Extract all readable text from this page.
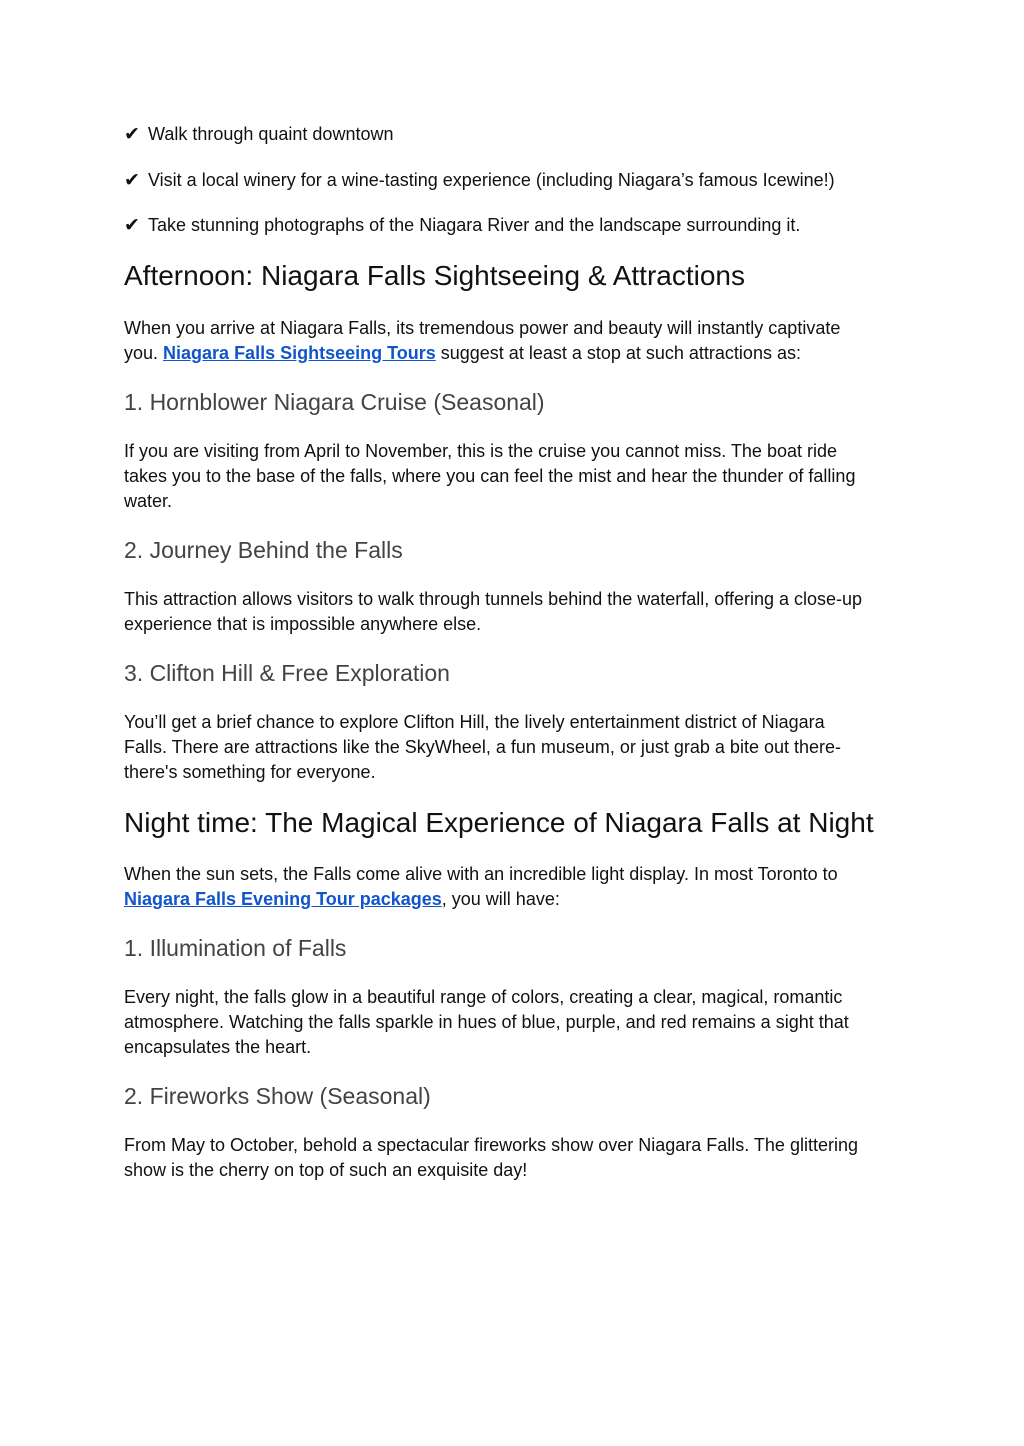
✔ Walk through quaint downtown
✔ Visit a local winery for a wine-tasting experience (including Niagara’s famous Icewine!)
✔ Take stunning photographs of the Niagara River and the landscape surrounding it.
Afternoon: Niagara Falls Sightseeing & Attractions
When you arrive at Niagara Falls, its tremendous power and beauty will instantly captivate
you. Niagara Falls Sightseeing Tours suggest at least a stop at such attractions as:
1. Hornblower Niagara Cruise (Seasonal)
If you are visiting from April to November, this is the cruise you cannot miss. The boat ride
takes you to the base of the falls, where you can feel the mist and hear the thunder of falling
water.
2. Journey Behind the Falls
This attraction allows visitors to walk through tunnels behind the waterfall, offering a close-up
experience that is impossible anywhere else.
3. Clifton Hill & Free Exploration
You’ll get a brief chance to explore Clifton Hill, the lively entertainment district of Niagara
Falls. There are attractions like the SkyWheel, a fun museum, or just grab a bite out there-
there's something for everyone.
Night time: The Magical Experience of Niagara Falls at Night
When the sun sets, the Falls come alive with an incredible light display. In most Toronto to
Niagara Falls Evening Tour packages, you will have:
1. Illumination of Falls
Every night, the falls glow in a beautiful range of colors, creating a clear, magical, romantic
atmosphere. Watching the falls sparkle in hues of blue, purple, and red remains a sight that
encapsulates the heart.
2. Fireworks Show (Seasonal)
From May to October, behold a spectacular fireworks show over Niagara Falls. The glittering
show is the cherry on top of such an exquisite day!
